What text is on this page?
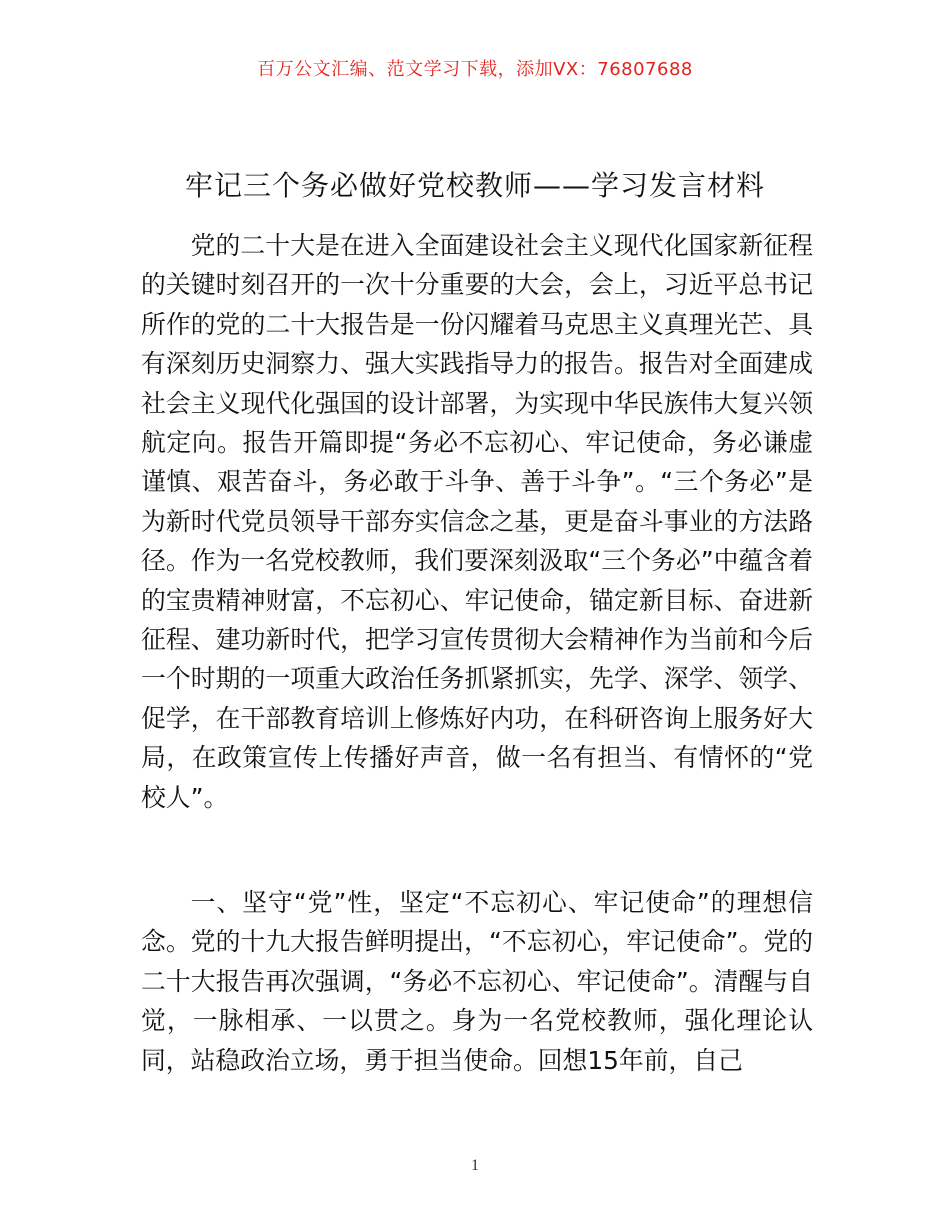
百万公文汇编、范文学习下载，添加VX：76807688
牢记三个务必做好党校教师——学习发言材料

党的二十大是在进入全面建设社会主义现代化国家新征程的关键时刻召开的一次十分重要的大会，会上，习近平总书记所作的党的二十大报告是一份闪耀着马克思主义真理光芒、具有深刻历史洞察力、强大实践指导力的报告。报告对全面建成社会主义现代化强国的设计部署，为实现中华民族伟大复兴领航定向。报告开篇即提“务必不忘初心、牢记使命，务必谦虚谨慎、艰苦奋斗，务必敢于斗争、善于斗争”。“三个务必”是为新时代党员领导干部夯实信念之基，更是奋斗事业的方法路径。作为一名党校教师，我们要深刻汲取“三个务必”中蕴含着的宝贵精神财富，不忘初心、牢记使命，锚定新目标、奋进新征程、建功新时代，把学习宣传贯彻大会精神作为当前和今后一个时期的一项重大政治任务抓紧抓实，先学、深学、领学、促学，在干部教育培训上修炼好内功，在科研咨询上服务好大局，在政策宣传上传播好声音，做一名有担当、有情怀的“党校人”。

一、坚守“党”性，坚定“不忘初心、牢记使命”的理想信念。党的十九大报告鲜明提出，“不忘初心，牢记使命”。党的二十大报告再次强调，“务必不忘初心、牢记使命”。清醒与自觉，一脉相承、一以贯之。身为一名党校教师，强化理论认同，站稳政治立场，勇于担当使命。回想15年前，自己

1
